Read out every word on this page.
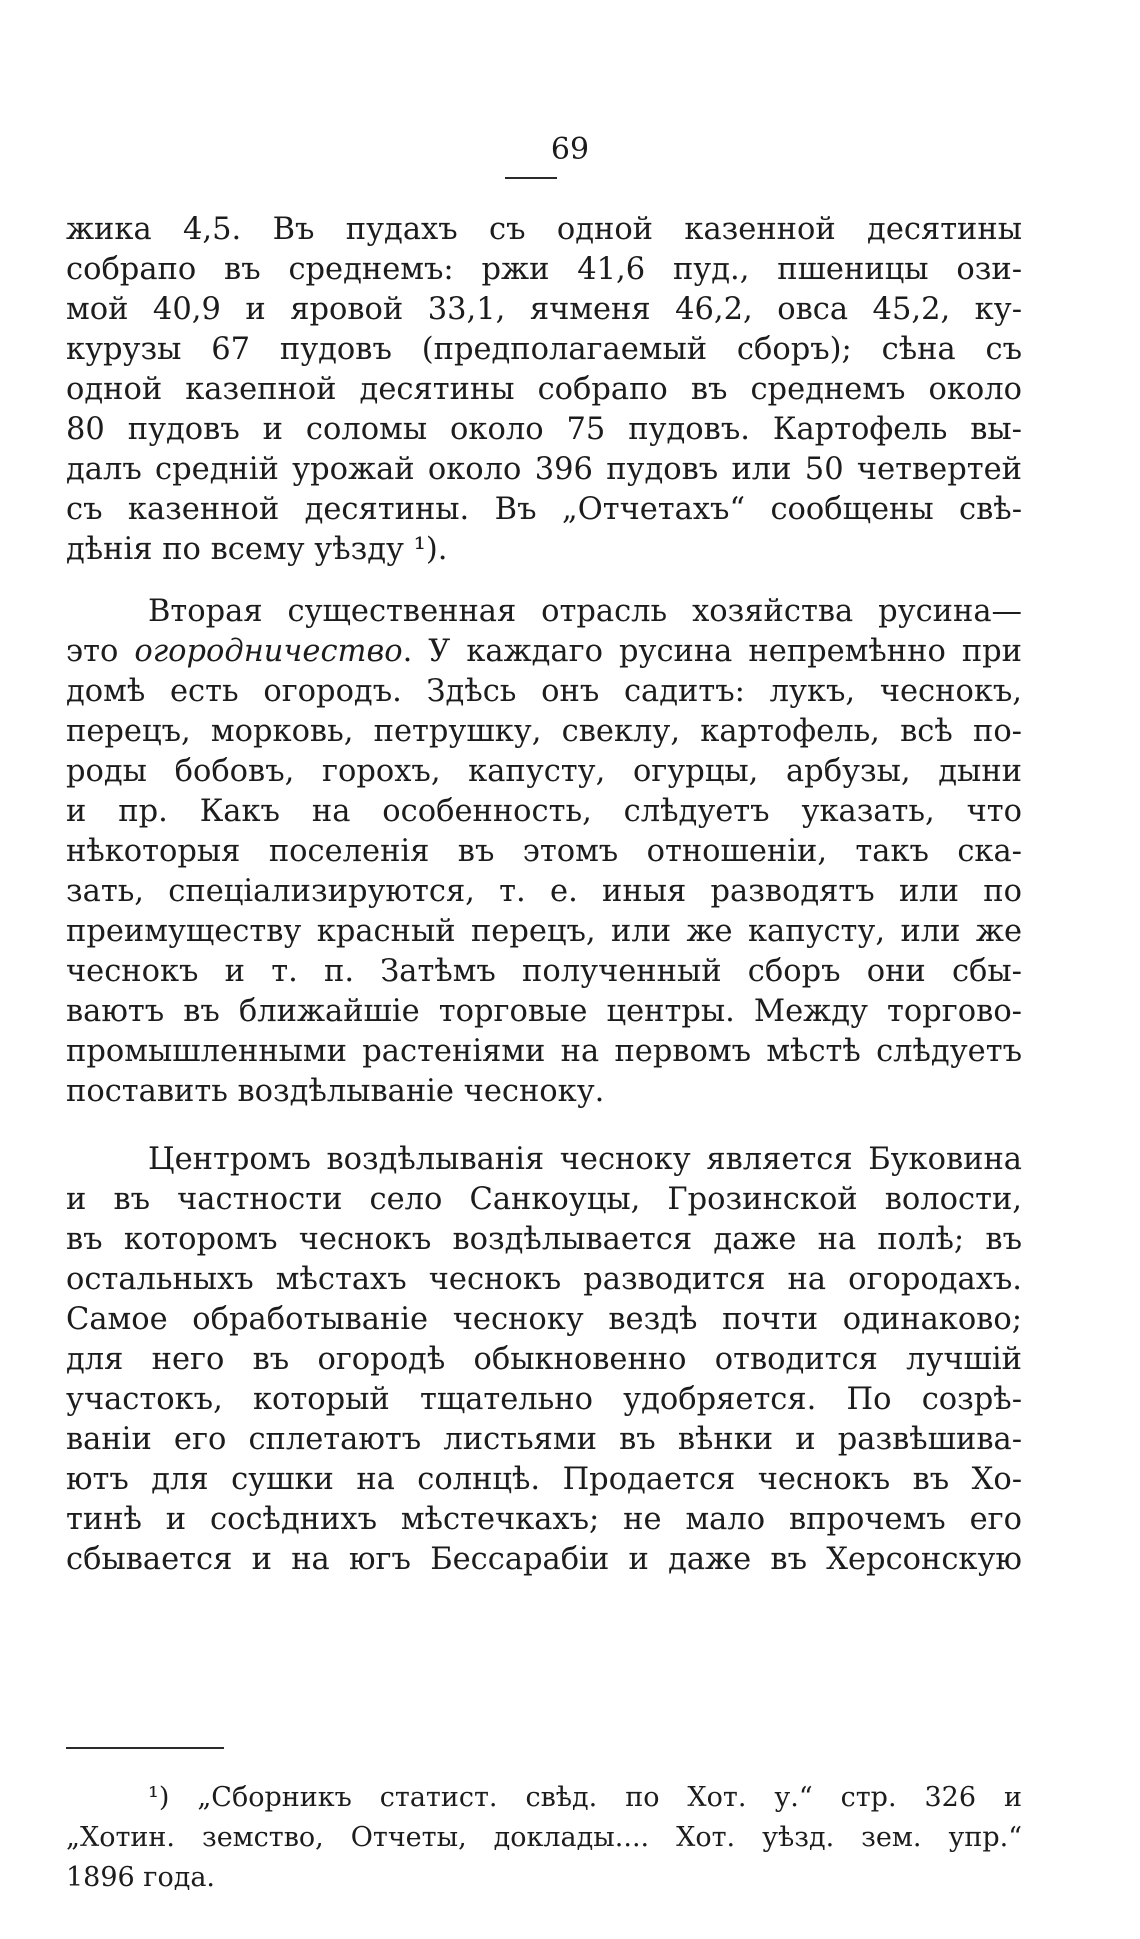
69
жика 4,5. Въ пудахъ съ одной казенной десятины
собрапо въ среднемъ: ржи 41,6 пуд., пшеницы ози-
мой 40,9 и яровой 33,1, ячменя 46,2, овса 45,2, ку-
курузы 67 пудовъ (предполагаемый сборъ); сѣна съ
одной казепной десятины собрапо въ среднемъ около
80 пудовъ и соломы около 75 пудовъ. Картофель вы-
далъ средній урожай около 396 пудовъ или 50 четвертей
съ казенной десятины. Въ „Отчетахъ“ сообщены свѣ-
дѣнія по всему уѣзду ¹).
Вторая существенная отрасль хозяйства русина—
это огородничество. У каждаго русина непремѣнно при
домѣ есть огородъ. Здѣсь онъ садитъ: лукъ, чеснокъ,
перецъ, морковь, петрушку, свеклу, картофель, всѣ по-
роды бобовъ, горохъ, капусту, огурцы, арбузы, дыни
и пр. Какъ на особенность, слѣдуетъ указать, что
нѣкоторыя поселенія въ этомъ отношеніи, такъ ска-
зать, спеціализируются, т. е. иныя разводятъ или по
преимуществу красный перецъ, или же капусту, или же
чеснокъ и т. п. Затѣмъ полученный сборъ они сбы-
ваютъ въ ближайшіе торговые центры. Между торгово-
промышленными растеніями на первомъ мѣстѣ слѣдуетъ
поставить воздѣлываніе чесноку.
Центромъ воздѣлыванія чесноку является Буковина
и въ частности село Санкоуцы, Грозинской волости,
въ которомъ чеснокъ воздѣлывается даже на полѣ; въ
остальныхъ мѣстахъ чеснокъ разводится на огородахъ.
Самое обработываніе чесноку вездѣ почти одинаково;
для него въ огородѣ обыкновенно отводится лучшій
участокъ, который тщательно удобряется. По созрѣ-
ваніи его сплетаютъ листьями въ вѣнки и развѣшива-
ютъ для сушки на солнцѣ. Продается чеснокъ въ Хо-
тинѣ и сосѣднихъ мѣстечкахъ; не мало впрочемъ его
сбывается и на югъ Бессарабіи и даже въ Херсонскую
¹) „Сборникъ статист. свѣд. по Хот. у.“ стр. 326 и
„Хотин. земство, Отчеты, доклады.... Хот. уѣзд. зем. упр.“
1896 года.
